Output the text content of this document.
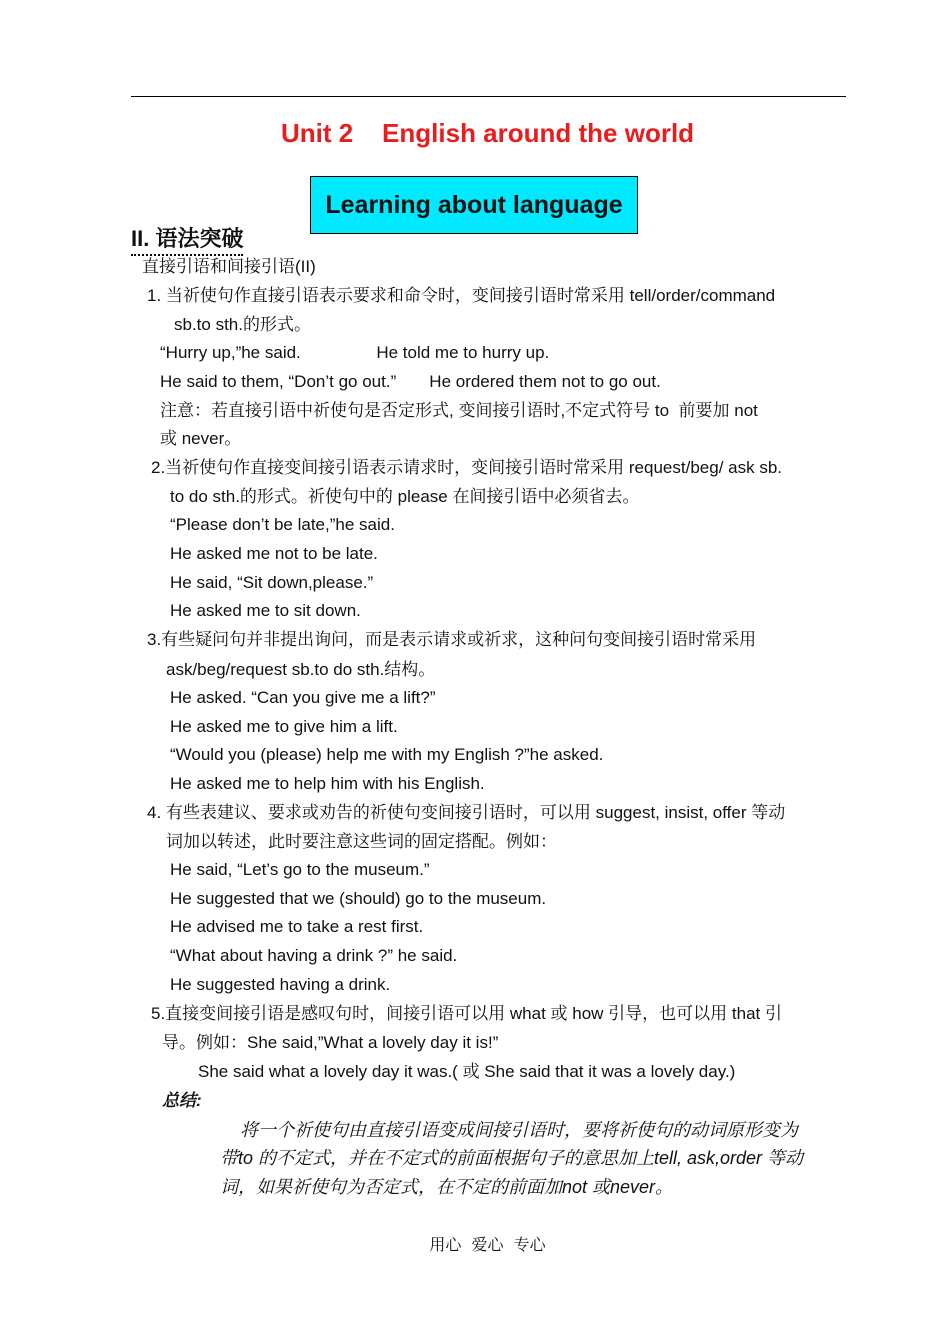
Unit 2    English around the world
Learning about language
II. 语法突破
直接引语和间接引语(II)
1. 当祈使句作直接引语表示要求和命令时，变间接引语时常采用 tell/order/command
sb.to sth.的形式。
“Hurry up,”he said.                He told me to hurry up.
He said to them, “Don’t go out.”       He ordered them not to go out.
注意：若直接引语中祈使句是否定形式, 变间接引语时,不定式符号 to  前要加 not
或 never。
2.当祈使句作直接变间接引语表示请求时，变间接引语时常采用 request/beg/ ask sb.
to do sth.的形式。祈使句中的 please 在间接引语中必须省去。
“Please don’t be late,”he said.
He asked me not to be late.
He said, “Sit down,please.”
He asked me to sit down.
3.有些疑问句并非提出询问，而是表示请求或祈求，这种问句变间接引语时常采用
ask/beg/request sb.to do sth.结构。
He asked. “Can you give me a lift?”
He asked me to give him a lift.
“Would you (please) help me with my English ?”he asked.
He asked me to help him with his English.
4. 有些表建议、要求或劝告的祈使句变间接引语时，可以用 suggest, insist, offer 等动
词加以转述，此时要注意这些词的固定搭配。例如：
He said, “Let’s go to the museum.”
He suggested that we (should) go to the museum.
He advised me to take a rest first.
“What about having a drink ?” he said.
He suggested having a drink.
5.直接变间接引语是感叹句时，间接引语可以用 what 或 how 引导，也可以用 that 引
导。例如：She said,”What a lovely day it is!”
She said what a lovely day it was.( 或 She said that it was a lovely day.)
总结:
将一个祈使句由直接引语变成间接引语时，要将祈使句的动词原形变为
带to 的不定式，并在不定式的前面根据句子的意思加上tell, ask,order 等动
词，如果祈使句为否定式，在不定的前面加not 或never。
用心  爱心  专心
